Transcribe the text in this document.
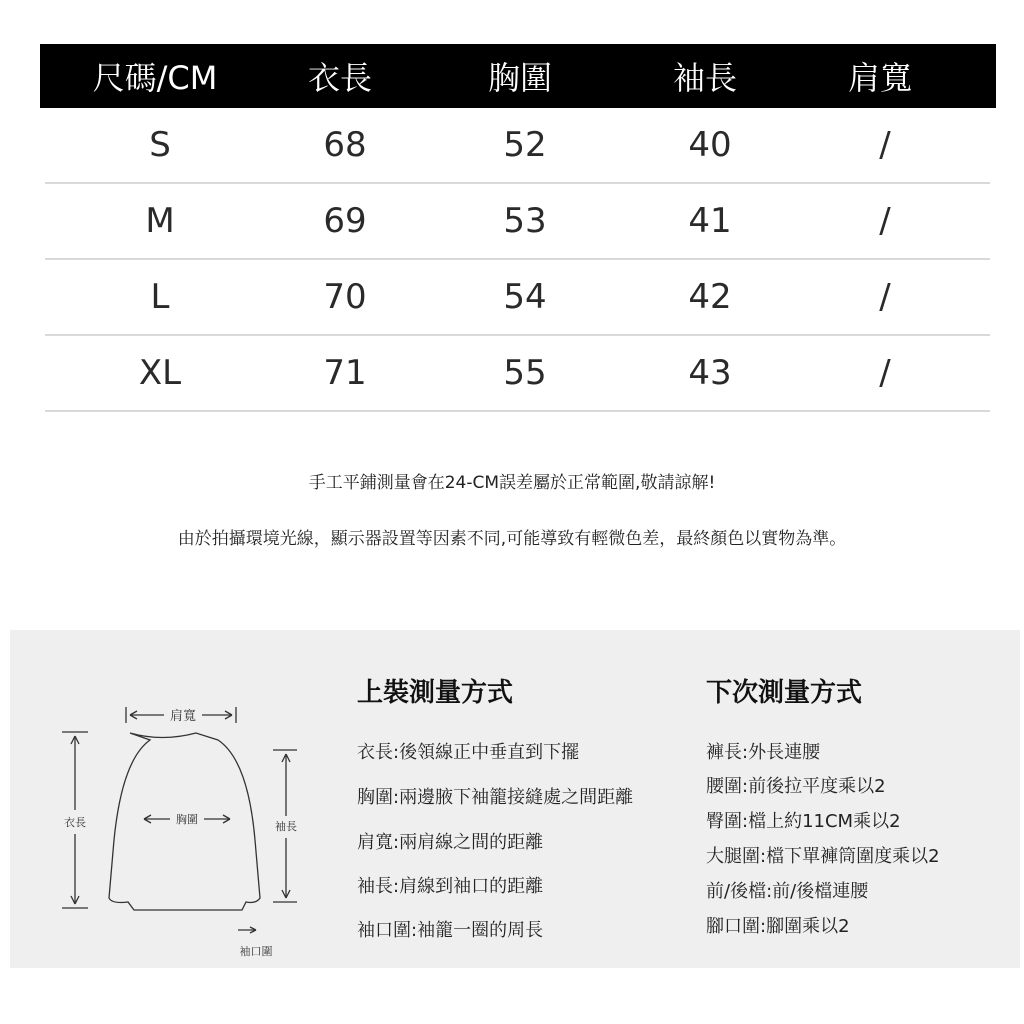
尺碼/CM	衣長	胸圍	袖長	肩寬
S	68	52	40	/
M	69	53	41	/
L	70	54	42	/
XL	71	55	43	/
手工平鋪測量會在24-CM誤差屬於正常範圍,敬請諒解!
由於拍攝環境光線，顯示器設置等因素不同,可能導致有輕微色差，最終顏色以實物為準。
肩寬
衣長	胸圍
袖長
袖口圍
上裝測量方式
衣長:後領線正中垂直到下擺
胸圍:兩邊腋下袖籠接縫處之間距離
肩寬:兩肩線之間的距離
袖長:肩線到袖口的距離
袖口圍:袖籠一圈的周長
下次測量方式
褲長:外長連腰
腰圍:前後拉平度乘以2
臀圍:檔上約11CM乘以2
大腿圍:檔下單褲筒圍度乘以2
前/後檔:前/後檔連腰
腳口圍:腳圍乘以2
